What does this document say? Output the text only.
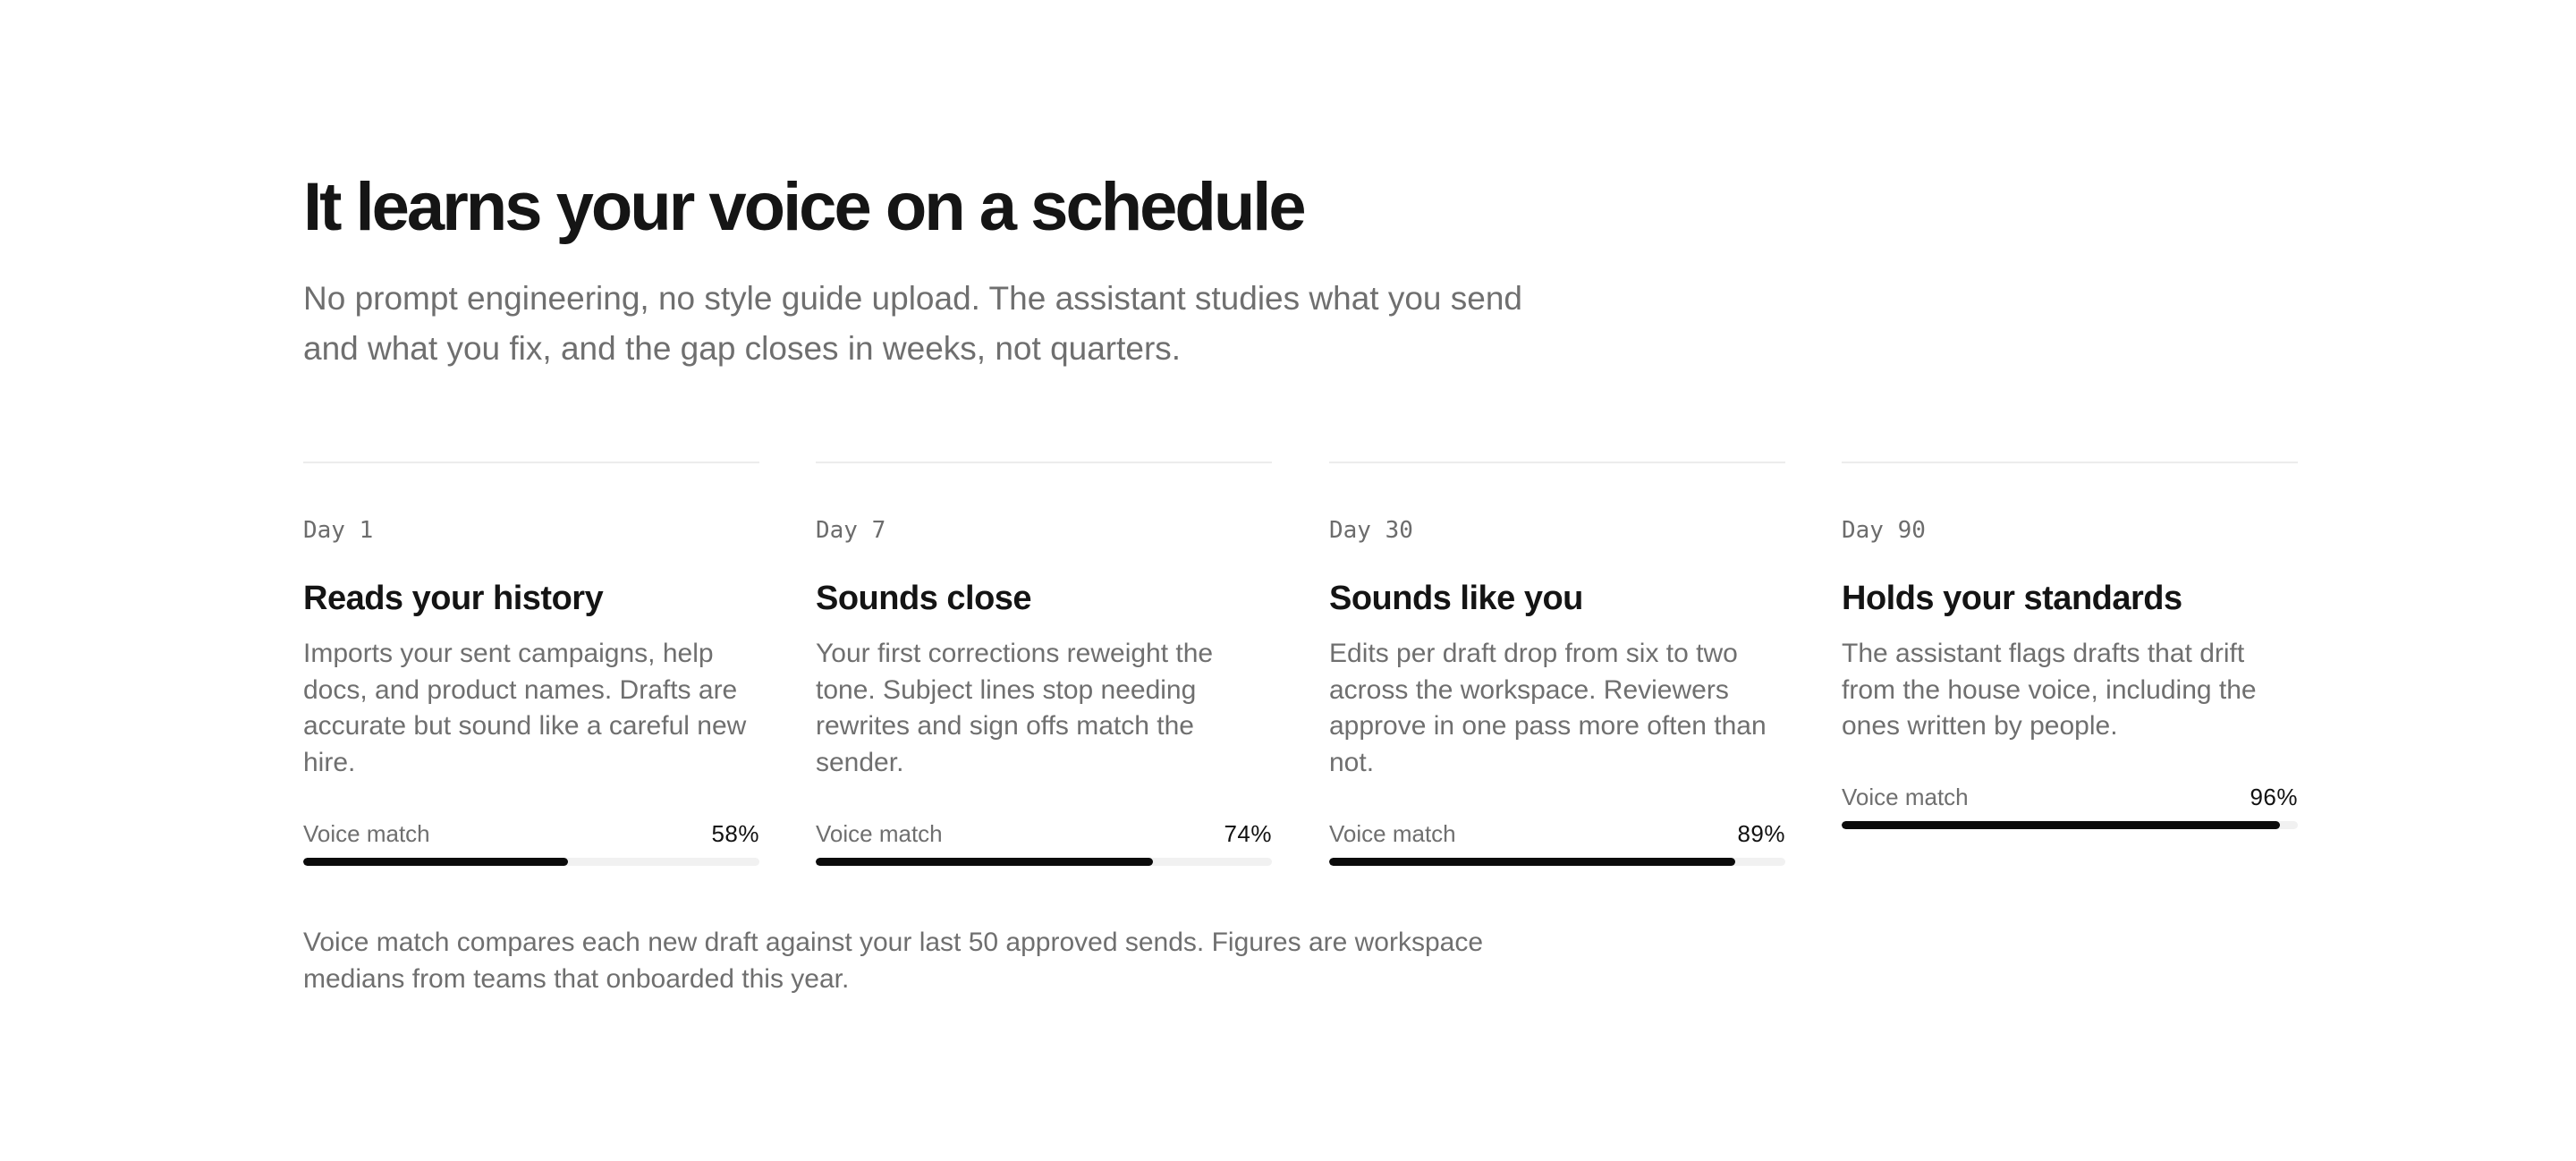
It learns your voice on a schedule

No prompt engineering, no style guide upload. The assistant studies what you send and what you fix, and the gap closes in weeks, not quarters.

Day 1
Reads your history

Imports your sent campaigns, help docs, and product names. Drafts are accurate but sound like a careful new hire.

Voice match	58%
Day 7
Sounds close

Your first corrections reweight the tone. Subject lines stop needing rewrites and sign offs match the sender.

Voice match	74%
Day 30
Sounds like you

Edits per draft drop from six to two across the workspace. Reviewers approve in one pass more often than not.

Voice match	89%
Day 90
Holds your standards

The assistant flags drafts that drift from the house voice, including the ones written by people.

Voice match	96%

Voice match compares each new draft against your last 50 approved sends. Figures are workspace medians from teams that onboarded this year.
